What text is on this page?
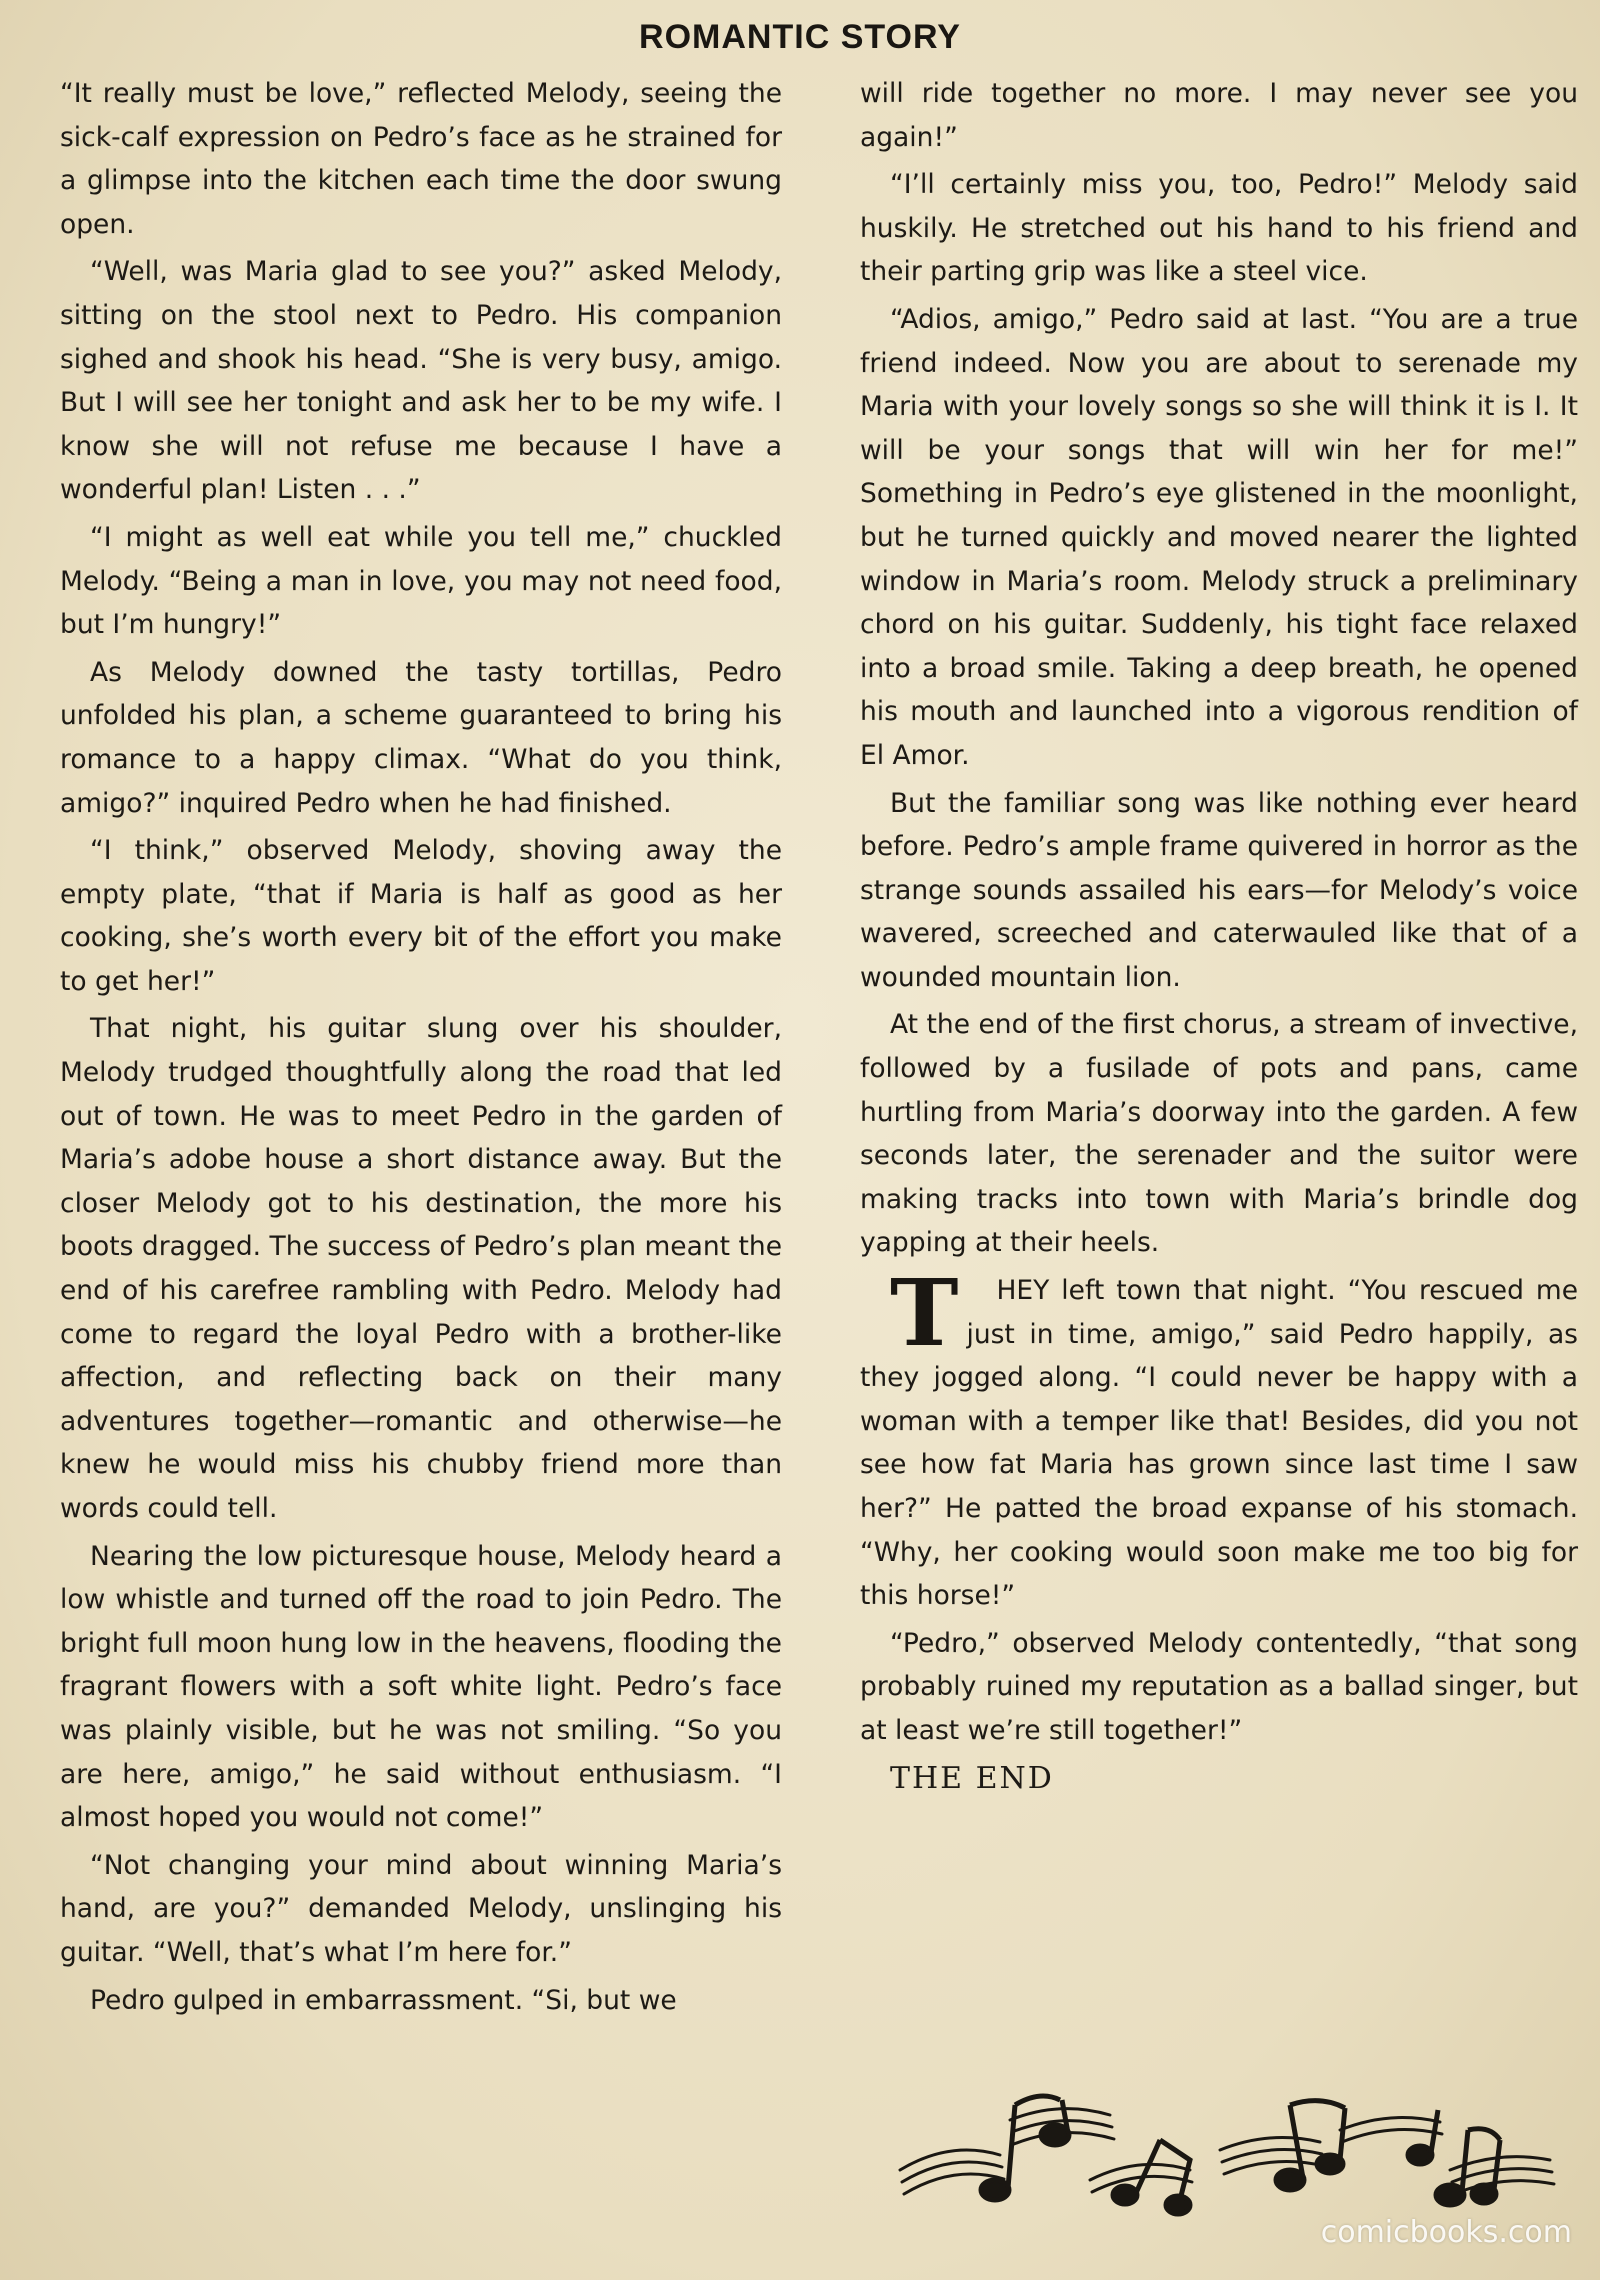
ROMANTIC STORY

“It really must be love,” reflected Melody, seeing the sick-calf expression on Pedro’s face as he strained for a glimpse into the kitchen each time the door swung open.

“Well, was Maria glad to see you?” asked Melody, sitting on the stool next to Pedro. His companion sighed and shook his head. “She is very busy, amigo. But I will see her tonight and ask her to be my wife. I know she will not refuse me because I have a wonderful plan! Listen . . .”

“I might as well eat while you tell me,” chuckled Melody. “Being a man in love, you may not need food, but I’m hungry!”

As Melody downed the tasty tortillas, Pedro unfolded his plan, a scheme guaranteed to bring his romance to a happy climax. “What do you think, amigo?” inquired Pedro when he had finished.

“I think,” observed Melody, shoving away the empty plate, “that if Maria is half as good as her cooking, she’s worth every bit of the effort you make to get her!”

That night, his guitar slung over his shoulder, Melody trudged thoughtfully along the road that led out of town. He was to meet Pedro in the garden of Maria’s adobe house a short distance away. But the closer Melody got to his destination, the more his boots dragged. The success of Pedro’s plan meant the end of his carefree rambling with Pedro. Melody had come to regard the loyal Pedro with a brother-like affection, and reflecting back on their many adventures together—romantic and otherwise—he knew he would miss his chubby friend more than words could tell.

Nearing the low picturesque house, Melody heard a low whistle and turned off the road to join Pedro. The bright full moon hung low in the heavens, flooding the fragrant flowers with a soft white light. Pedro’s face was plainly visible, but he was not smiling. “So you are here, amigo,” he said without enthusiasm. “I almost hoped you would not come!”

“Not changing your mind about winning Maria’s hand, are you?” demanded Melody, unslinging his guitar. “Well, that’s what I’m here for.”

Pedro gulped in embarrassment. “Si, but we

will ride together no more. I may never see you again!”

“I’ll certainly miss you, too, Pedro!” Melody said huskily. He stretched out his hand to his friend and their parting grip was like a steel vice.

“Adios, amigo,” Pedro said at last. “You are a true friend indeed. Now you are about to serenade my Maria with your lovely songs so she will think it is I. It will be your songs that will win her for me!” Something in Pedro’s eye glistened in the moonlight, but he turned quickly and moved nearer the lighted window in Maria’s room. Melody struck a preliminary chord on his guitar. Suddenly, his tight face relaxed into a broad smile. Taking a deep breath, he opened his mouth and launched into a vigorous rendition of El Amor.

But the familiar song was like nothing ever heard before. Pedro’s ample frame quivered in horror as the strange sounds assailed his ears—for Melody’s voice wavered, screeched and caterwauled like that of a wounded mountain lion.

At the end of the first chorus, a stream of invective, followed by a fusilade of pots and pans, came hurtling from Maria’s doorway into the garden. A few seconds later, the serenader and the suitor were making tracks into town with Maria’s brindle dog yapping at their heels.

T	HEY left town that night. “You rescued me just in time, amigo,” said Pedro happily, as they jogged along. “I could never be happy with a woman with a temper like that! Besides, did you not see how fat Maria has grown since last time I saw her?” He patted the broad expanse of his stomach. “Why, her cooking would soon make me too big for this horse!”

“Pedro,” observed Melody contentedly, “that song probably ruined my reputation as a ballad singer, but at least we’re still together!”

THE END

comicbooks.com
